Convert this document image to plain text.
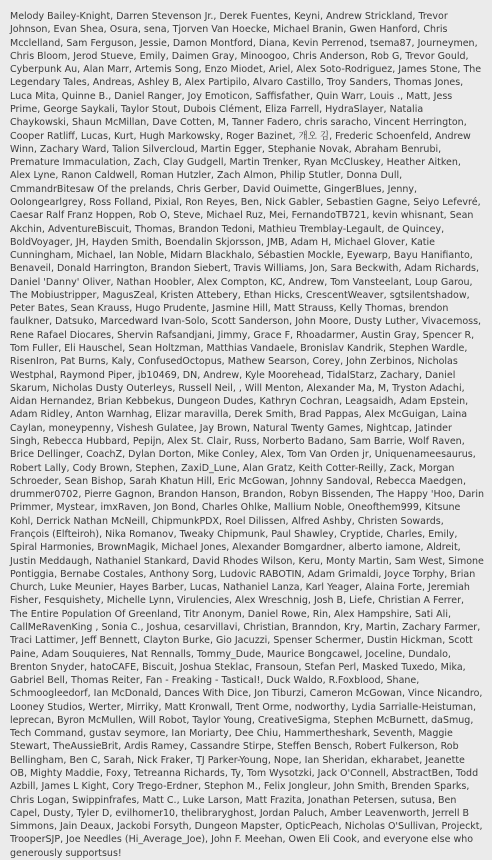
Melody Bailey-Knight, Darren Stevenson Jr., Derek Fuentes, Keyni, Andrew Strickland, Trevor Johnson, Evan Shea, Osura, sena, Tjorven Van Hoecke, Michael Branin, Gwen Hanford, Chris Mcclelland, Sam Ferguson, Jessie, Damon Montford, Diana, Kevin Perrenod, tsema87, Journeymen, Chris Bloom, Jerod Stueve, Emily, Daimen Gray, Minoogoo, Chris Anderson, Rob G, Trevor Gould, Cyberpunk Au, Alan Marr, Artemis Song, Enzo Miodet, Ariel, Alex Soto-Rodriguez, James Stone, The Legendary Tales, Andreas, Ashley B, Alex Partipilo, Alvaro Castillo, Troy Sanders, Thomas Jones, Luca Mita, Quinne B., Daniel Ranger, Joy Emoticon, Saffisfather, Quin Warr, Louis ., Matt, Jess Prime, George Saykali, Taylor Stout, Dubois Clément, Eliza Farrell, HydraSlayer, Natalia Chaykowski, Shaun McMillan, Dave Cotten, M, Tanner Fadero, chris saracho, Vincent Herrington, Cooper Ratliff, Lucas, Kurt, Hugh Markowsky, Roger Bazinet, 개오 김, Frederic Schoenfeld, Andrew Winn, Zachary Ward, Talion Silvercloud, Martin Egger, Stephanie Novak, Abraham Benrubi, Premature Immaculation, Zach, Clay Gudgell, Martin Trenker, Ryan McCluskey, Heather Aitken, Alex Lyne, Ranon Caldwell, Roman Hutzler, Zach Almon, Philip Stutler, Donna Dull, CmmandrBitesaw Of the prelands, Chris Gerber, David Ouimette, GingerBlues, Jenny, Oolongearlgrey, Ross Folland, Pixial, Ron Reyes, Ben, Nick Gabler, Sebastien Gagne, Seiyo Lefevré, Caesar Ralf Franz Hoppen, Rob O, Steve, Michael Ruz, Mei, FernandoTB721, kevin whisnant, Sean Akchin, AdventureBiscuit, Thomas, Brandon Tedoni, Mathieu Tremblay-Legault, de Quincey, BoldVoyager, JH, Hayden Smith, Boendalin Skjorsson, JMB, Adam H, Michael Glover, Katie Cunningham, Michael, Ian Noble, Midarn Blackhalo, Sébastien Mockle, Eyewarp, Bayu Hanifianto, Benaveil, Donald Harrington, Brandon Siebert, Travis Williams, Jon, Sara Beckwith, Adam Richards, Daniel 'Danny' Oliver, Nathan Hoobler, Alex Compton, KC, Andrew, Tom Vansteelant, Loup Garou, The Mobiustripper, MagusZeal, Kristen Attebery, Ethan Hicks, CrescentWeaver, sgtsilentshadow, Peter Bates, Sean Krauss, Hugo Prudente, Jasmine Hill, Matt Strauss, Kelly Thomas, brendon faulkner, Datsuko, Marcedward Ivan-Solo, Scott Sanderson, John Moore, Dusty Luther, Vivacemoss, Rene Rafael Diocares, Shervin Rafsandjani, Jimmy, Grace F, Rhoadarmer, Austin Gray, Spencer R, Tom Fuller, Eli Hauschel, Sean Holtzman, Matthias Vandaele, Bronislav Kandrik, Stephen Wardle, RisenIron, Pat Burns, Kaly, ConfusedOctopus, Mathew Searson, Corey, John Zerbinos, Nicholas Westphal, Raymond Piper, jb10469, DN, Andrew, Kyle Moorehead, TidalStarz, Zachary, Daniel Skarum, Nicholas Dusty Outerleys, Russell Neil, , Will Menton, Alexander Ma, M, Tryston Adachi, Aidan Hernandez, Brian Kebbekus, Dungeon Dudes, Kathryn Cochran, Leagsaidh, Adam Epstein, Adam Ridley, Anton Warnhag, Elizar maravilla, Derek Smith, Brad Pappas, Alex McGuigan, Laina Caylan, moneypenny, Vishesh Gulatee, Jay Brown, Natural Twenty Games, Nightcap, Jatinder Singh, Rebecca Hubbard, Pepijn, Alex St. Clair, Russ, Norberto Badano, Sam Barrie, Wolf Raven, Brice Dellinger, CoachZ, Dylan Dorton, Mike Conley, Alex, Tom Van Orden jr, Uniquenameesaurus, Robert Lally, Cody Brown, Stephen, ZaxiD_Lune, Alan Gratz, Keith Cotter-Reilly, Zack, Morgan Schroeder, Sean Bishop, Sarah Khatun Hill, Eric McGowan, Johnny Sandoval, Rebecca Maedgen, drummer0702, Pierre Gagnon, Brandon Hanson, Brandon, Robyn Bissenden, The Happy 'Hoo, Darin Primmer, Mystear, imxRaven, Jon Bond, Charles Ohlke, Mallium Noble, Oneofthem999, Kitsune Kohl, Derrick Nathan McNeill, ChipmunkPDX, Roel Dilissen, Alfred Ashby, Christen Sowards, François (Elfteiroh), Nika Romanov, Tweaky Chipmunk, Paul Shawley, Cryptide, Charles, Emily, Spiral Harmonies, BrownMagik, Michael Jones, Alexander Bomgardner, alberto iamone, Aldreit, Justin Meddaugh, Nathaniel Stankard, David Rhodes Wilson, Keru, Monty Martin, Sam West, Simone Pontiggia, Bernabe Costales, Anthony Sorg, Ludovic RABOTIN, Adam Grimaldi, Joyce Torphy, Brian Church, Luke Meunier, Hayes Barber, Lucas, Nathaniel Lanza, Karl Yeager, Alaina Forte, Jeremiah Fisher, Fesquishety, Michelle Lynn, Virulencies, Alex Wreschnig, Josh B, Liefe, Christian A Ferrer, The Entire Population Of Greenland, Titr Anonym, Daniel Rowe, Rin, Alex Hampshire, Sati Ali, CallMeRavenKing , Sonia C., Joshua, cesarvillavi, Christian, Branndon, Kry, Martin, Zachary Farmer, Traci Lattimer, Jeff Bennett, Clayton Burke, Gio Jacuzzi, Spenser Schermer, Dustin Hickman, Scott Paine, Adam Souquieres, Nat Rennalls, Tommy_Dude, Maurice Bongcawel, Joceline, Dundalo, Brenton Snyder, hatoCAFE, Biscuit, Joshua Steklac, Fransoun, Stefan Perl, Masked Tuxedo, Mika, Gabriel Bell, Thomas Reiter, Fan - Freaking - Tastical!, Duck Waldo, R.Foxblood, Shane, Schmoogleedorf, Ian McDonald, Dances With Dice, Jon Tiburzi, Cameron McGowan, Vince Nicandro, Looney Studios, Werter, Mirriky, Matt Kronwall, Trent Orme, nodworthy, Lydia Sarrialle-Heistuman, leprecan, Byron McMullen, Will Robot, Taylor Young, CreativeSigma, Stephen McBurnett, daSmug, Tech Command, gustav seymore, Ian Moriarty, Dee Chiu, Hammertheshark, Seventh, Maggie Stewart, TheAussieBrit, Ardis Ramey, Cassandre Stirpe, Steffen Bensch, Robert Fulkerson, Rob Bellingham, Ben C, Sarah, Nick Fraker, TJ Parker-Young, Nope, Ian Sheridan, ekharabet, Jeanette OB, Mighty Maddie, Foxy, Tetreanna Richards, Ty, Tom Wysotzki, Jack O'Connell, AbstractBen, Todd Azbill, James L Kight, Cory Trego-Erdner, Stephon M., Felix Jongleur, John Smith, Brenden Sparks, Chris Logan, Swippinfrafes, Matt C., Luke Larson, Matt Frazita, Jonathan Petersen, sutusa, Ben Capel, Dusty, Tyler D, evilhomer10, thelibraryghost, Jordan Paluch, Amber Leavenworth, Jerrell B Simmons, Jain Deaux, Jackobi Forsyth, Dungeon Mapster, OpticPeach, Nicholas O'Sullivan, Projeckt, TrooperSJP, Joe Needles (Hi_Average_Joe), John F. Meehan, Owen Eli Cook, and everyone else who generously supportsus!
